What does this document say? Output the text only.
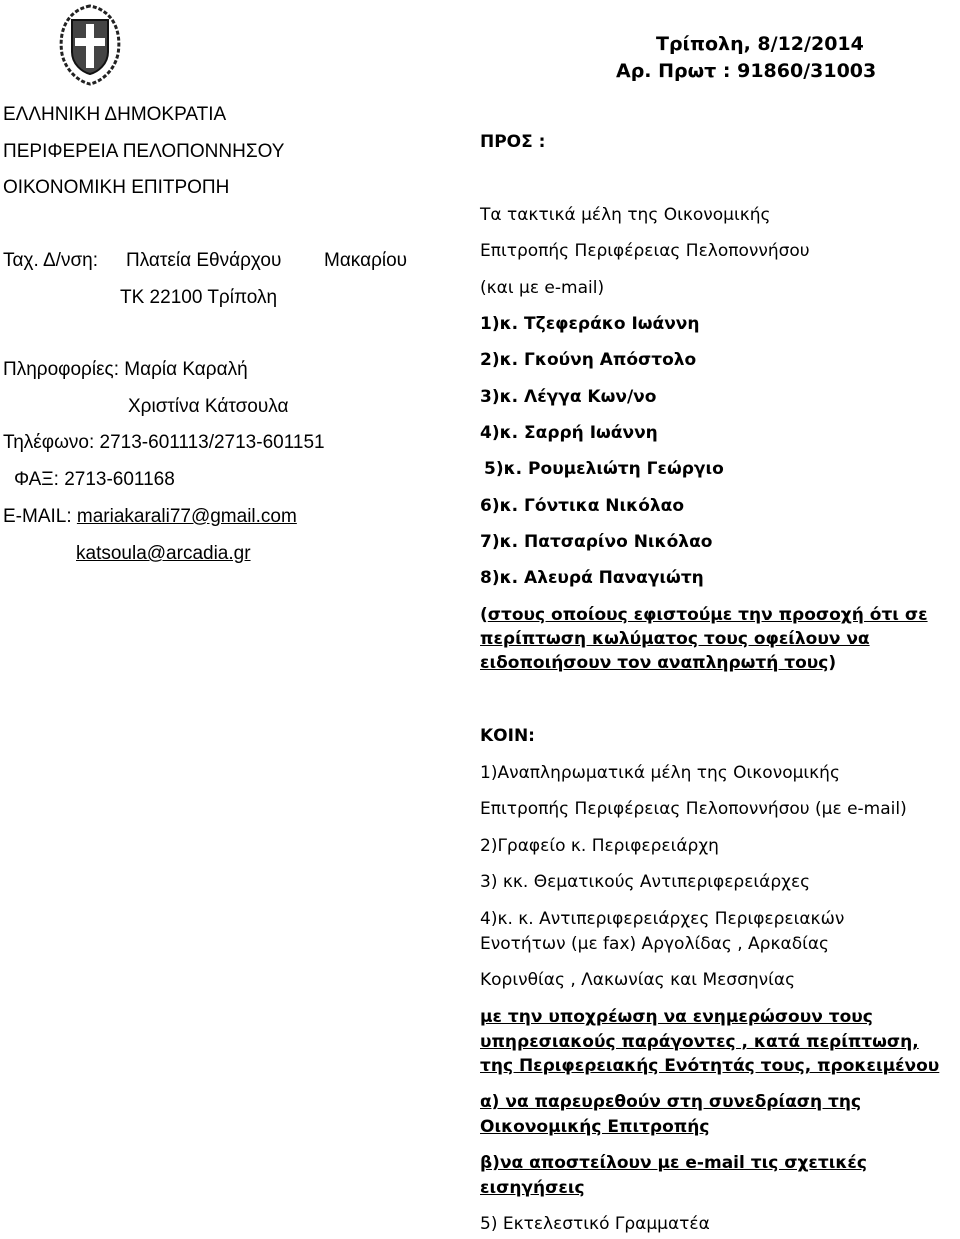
Τρίπολη, 8/12/2014
Αρ. Πρωτ : 91860/31003
ΕΛΛΗΝΙΚΗ ΔΗΜΟΚΡΑΤΙΑ
ΠΕΡΙΦΕΡΕΙΑ ΠΕΛΟΠΟΝΝΗΣΟΥ
ΟΙΚΟΝΟΜΙΚΗ ΕΠΙΤΡΟΠΗ
Ταχ. Δ/νση: Πλατεία Εθνάρχου Μακαρίου
ΤΚ 22100 Τρίπολη
Πληροφορίες: Μαρία Καραλή
Χριστίνα Κάτσουλα
Τηλέφωνο: 2713-601113/2713-601151
ΦΑΞ: 2713-601168
E-MAIL: mariakarali77@gmail.com
katsoula@arcadia.gr
ΠΡΟΣ :
Τα τακτικά μέλη της Οικονομικής
Επιτροπής Περιφέρειας Πελοποννήσου
(και με e-mail)
1)κ. Τζεφεράκο Ιωάννη
2)κ. Γκούνη Απόστολο
3)κ. Λέγγα Κων/νο
4)κ. Σαρρή Ιωάννη
5)κ. Ρουμελιώτη Γεώργιο
6)κ. Γόντικα Νικόλαο
7)κ. Πατσαρίνο Νικόλαο
8)κ. Αλευρά Παναγιώτη
(στους οποίους εφιστούμε την προσοχή ότι σε
περίπτωση κωλύματος τους οφείλουν να
ειδοποιήσουν τον αναπληρωτή τους)
ΚΟΙΝ:
1)Αναπληρωματικά μέλη της Οικονομικής
Επιτροπής Περιφέρειας Πελοποννήσου (με e-mail)
2)Γραφείο κ. Περιφερειάρχη
3) κκ. Θεματικούς Αντιπεριφερειάρχες
4)κ. κ. Αντιπεριφερειάρχες Περιφερειακών
Ενοτήτων (με fax) Αργολίδας , Αρκαδίας
Κορινθίας , Λακωνίας και Μεσσηνίας
με την υποχρέωση να ενημερώσουν τους
υπηρεσιακούς παράγοντες , κατά περίπτωση,
της Περιφερειακής Ενότητάς τους, προκειμένου
α) να παρευρεθούν στη συνεδρίαση της
Οικονομικής Επιτροπής
β)να αποστείλουν με e-mail τις σχετικές
εισηγήσεις
5) Εκτελεστικό Γραμματέα
